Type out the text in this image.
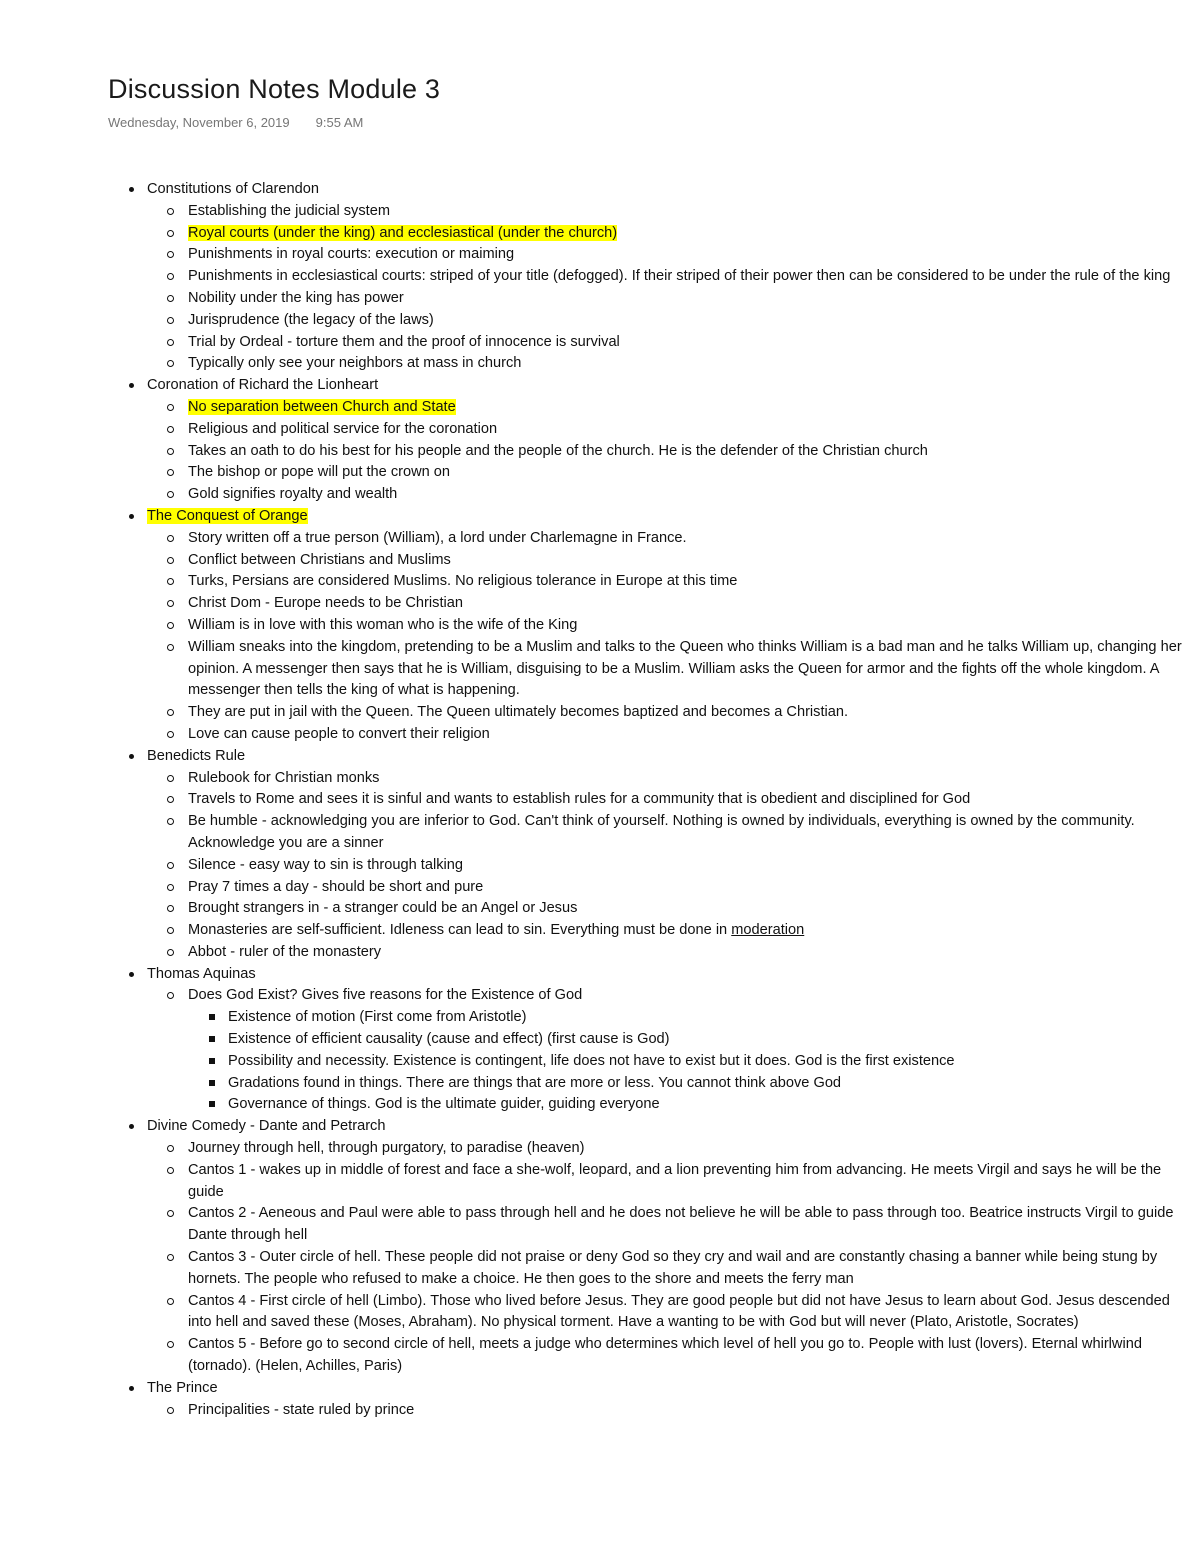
Discussion Notes Module 3
Wednesday, November 6, 2019 9:55 AM
Constitutions of Clarendon
Establishing the judicial system
Royal courts (under the king) and ecclesiastical (under the church)
Punishments in royal courts: execution or maiming
Punishments in ecclesiastical courts: striped of your title (defogged). If their striped of their power then can be considered to be under the rule of the king
Nobility under the king has power
Jurisprudence (the legacy of the laws)
Trial by Ordeal - torture them and the proof of innocence is survival
Typically only see your neighbors at mass in church
Coronation of Richard the Lionheart
No separation between Church and State
Religious and political service for the coronation
Takes an oath to do his best for his people and the people of the church. He is the defender of the Christian church
The bishop or pope will put the crown on
Gold signifies royalty and wealth
The Conquest of Orange
Story written off a true person (William), a lord under Charlemagne in France.
Conflict between Christians and Muslims
Turks, Persians are considered Muslims. No religious tolerance in Europe at this time
Christ Dom - Europe needs to be Christian
William is in love with this woman who is the wife of the King
William sneaks into the kingdom, pretending to be a Muslim and talks to the Queen who thinks William is a bad man and he talks William up, changing her opinion. A messenger then says that he is William, disguising to be a Muslim. William asks the Queen for armor and the fights off the whole kingdom. A messenger then tells the king of what is happening.
They are put in jail with the Queen. The Queen ultimately becomes baptized and becomes a Christian.
Love can cause people to convert their religion
Benedicts Rule
Rulebook for Christian monks
Travels to Rome and sees it is sinful and wants to establish rules for a community that is obedient and disciplined for God
Be humble - acknowledging you are inferior to God. Can't think of yourself. Nothing is owned by individuals, everything is owned by the community. Acknowledge you are a sinner
Silence - easy way to sin is through talking
Pray 7 times a day - should be short and pure
Brought strangers in - a stranger could be an Angel or Jesus
Monasteries are self-sufficient. Idleness can lead to sin. Everything must be done in moderation
Abbot - ruler of the monastery
Thomas Aquinas
Does God Exist? Gives five reasons for the Existence of God
Existence of motion (First come from Aristotle)
Existence of efficient causality (cause and effect) (first cause is God)
Possibility and necessity. Existence is contingent, life does not have to exist but it does. God is the first existence
Gradations found in things. There are things that are more or less. You cannot think above God
Governance of things. God is the ultimate guider, guiding everyone
Divine Comedy - Dante and Petrarch
Journey through hell, through purgatory, to paradise (heaven)
Cantos 1 - wakes up in middle of forest and face a she-wolf, leopard, and a lion preventing him from advancing. He meets Virgil and says he will be the guide
Cantos 2 - Aeneous and Paul were able to pass through hell and he does not believe he will be able to pass through too. Beatrice instructs Virgil to guide Dante through hell
Cantos 3 - Outer circle of hell. These people did not praise or deny God so they cry and wail and are constantly chasing a banner while being stung by hornets. The people who refused to make a choice. He then goes to the shore and meets the ferry man
Cantos 4 - First circle of hell (Limbo). Those who lived before Jesus. They are good people but did not have Jesus to learn about God. Jesus descended into hell and saved these (Moses, Abraham). No physical torment. Have a wanting to be with God but will never (Plato, Aristotle, Socrates)
Cantos 5 - Before go to second circle of hell, meets a judge who determines which level of hell you go to. People with lust (lovers). Eternal whirlwind (tornado). (Helen, Achilles, Paris)
The Prince
Principalities - state ruled by prince
